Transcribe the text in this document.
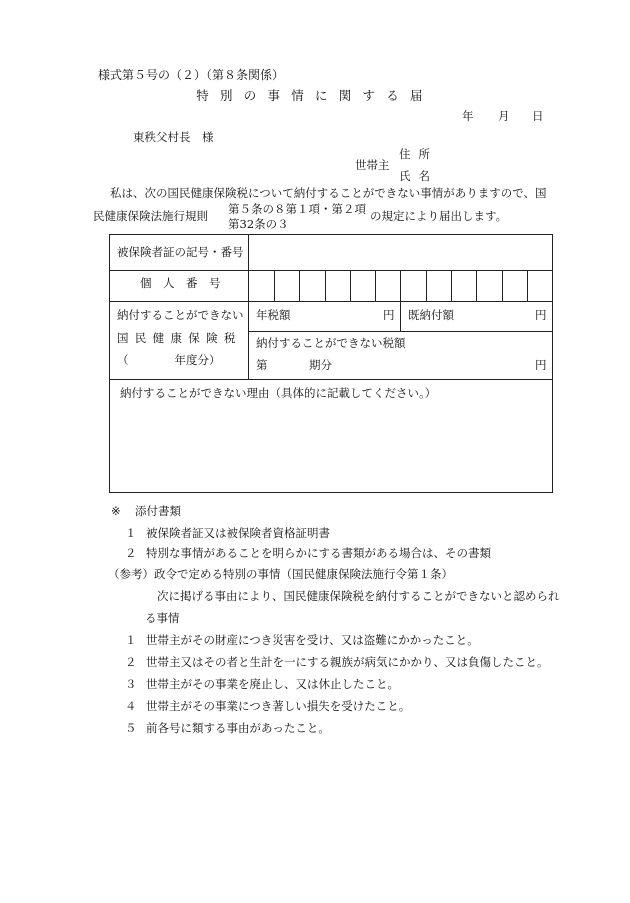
様式第５号の（２）（第８条関係）
特別の事情に関する届
年 月 日
東秩父村長　様
住所
世帯主
氏名
私は、次の国民健康保険税について納付することができない事情がありますので、国
民健康保険法施行規則 第５条の８第１項・第２項
第32条の３
の規定により届出します。
被保険者証の記号・番号
個　人　番　号
納付することができない
国民健康保険税
（　　　　年度分）
年税額	円 既納付額	円
納付することができない税額
第	期分	円
納付することができない理由（具体的に記載してください。）
※ 添付書類
１ 被保険者証又は被保険者資格証明書
２ 特別な事情があることを明らかにする書類がある場合は、その書類
（参考）政令で定める特別の事情（国民健康保険法施行令第１条）
次に掲げる事由により、国民健康保険税を納付することができないと認められ
る事情
１ 世帯主がその財産につき災害を受け、又は盗難にかかったこと。
２ 世帯主又はその者と生計を一にする親族が病気にかかり、又は負傷したこと。
３ 世帯主がその事業を廃止し、又は休止したこと。
４ 世帯主がその事業につき著しい損失を受けたこと。
５ 前各号に類する事由があったこと。
